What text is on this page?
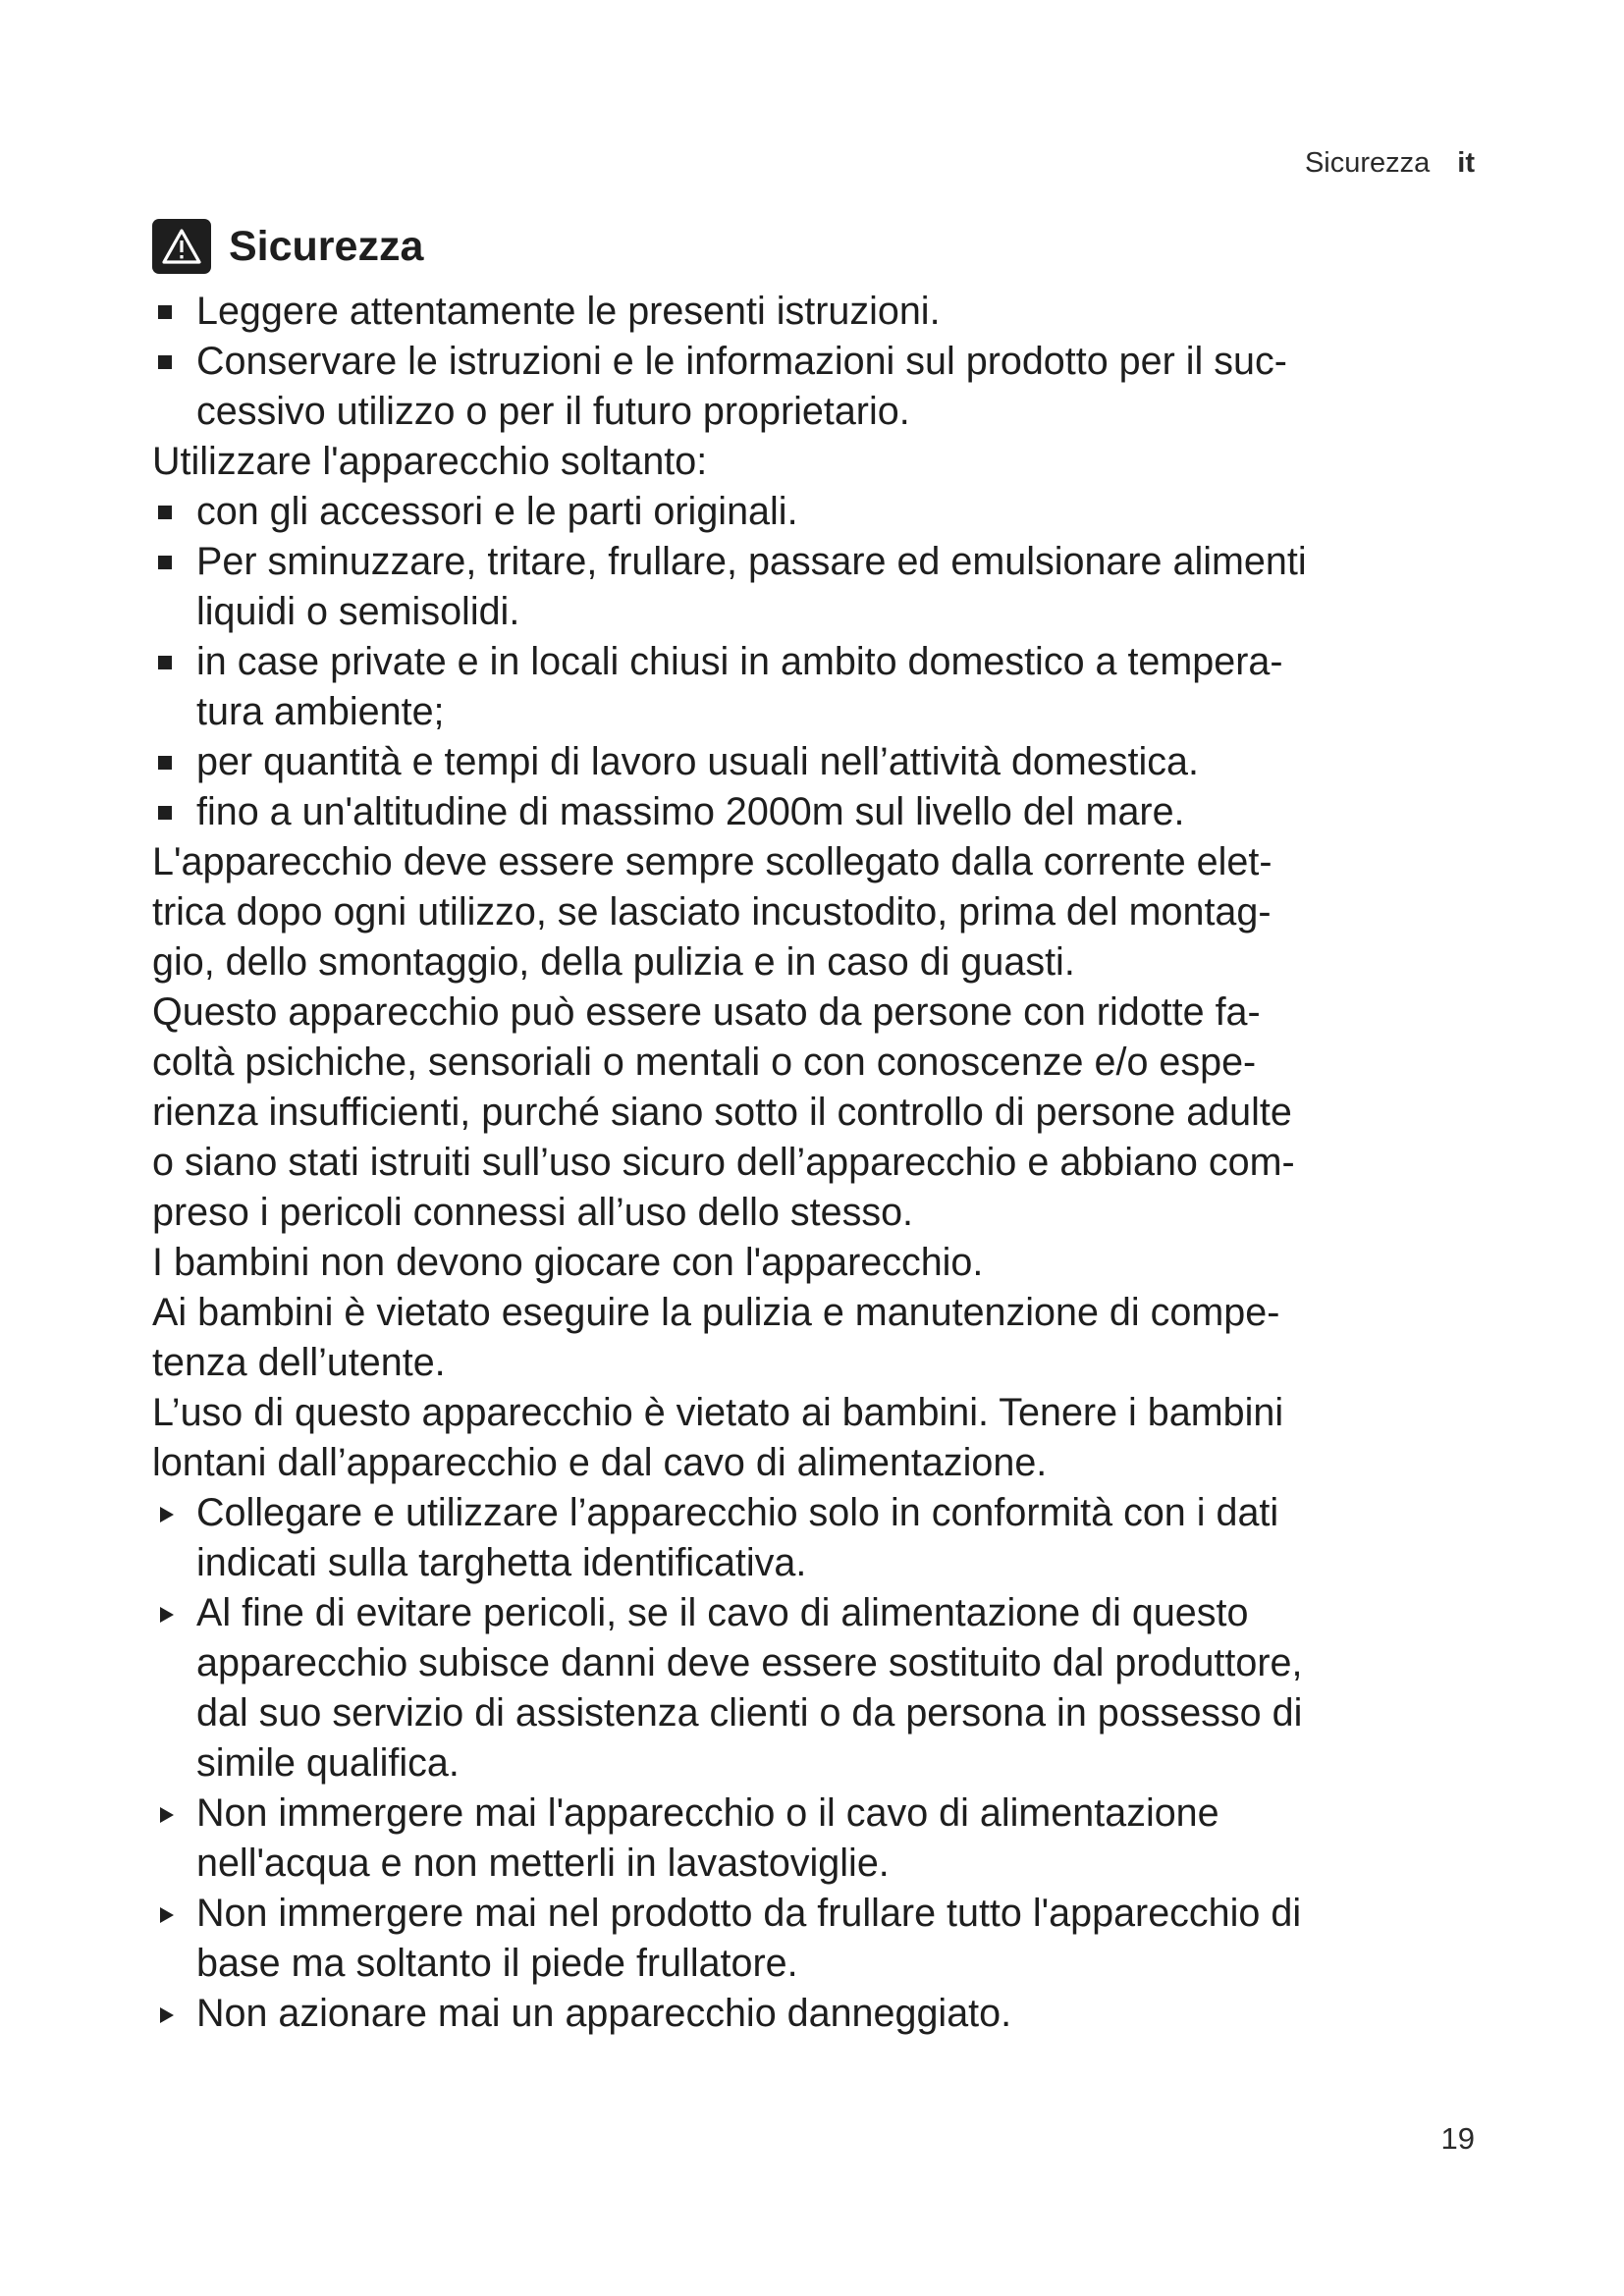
Sicurezza it
Sicurezza
Leggere attentamente le presenti istruzioni.
Conservare le istruzioni e le informazioni sul prodotto per il suc-
cessivo utilizzo o per il futuro proprietario.
Utilizzare l'apparecchio soltanto:
con gli accessori e le parti originali.
Per sminuzzare, tritare, frullare, passare ed emulsionare alimenti
liquidi o semisolidi.
in case private e in locali chiusi in ambito domestico a tempera-
tura ambiente;
per quantità e tempi di lavoro usuali nell’attività domestica.
fino a un'altitudine di massimo 2000m sul livello del mare.
L'apparecchio deve essere sempre scollegato dalla corrente elet-
trica dopo ogni utilizzo, se lasciato incustodito, prima del montag-
gio, dello smontaggio, della pulizia e in caso di guasti.
Questo apparecchio può essere usato da persone con ridotte fa-
coltà psichiche, sensoriali o mentali o con conoscenze e/o espe-
rienza insufficienti, purché siano sotto il controllo di persone adulte
o siano stati istruiti sull’uso sicuro dell’apparecchio e abbiano com-
preso i pericoli connessi all’uso dello stesso.
I bambini non devono giocare con l'apparecchio.
Ai bambini è vietato eseguire la pulizia e manutenzione di compe-
tenza dell’utente.
L’uso di questo apparecchio è vietato ai bambini. Tenere i bambini
lontani dall’apparecchio e dal cavo di alimentazione.
Collegare e utilizzare l’apparecchio solo in conformità con i dati
indicati sulla targhetta identificativa.
Al fine di evitare pericoli, se il cavo di alimentazione di questo
apparecchio subisce danni deve essere sostituito dal produttore,
dal suo servizio di assistenza clienti o da persona in possesso di
simile qualifica.
Non immergere mai l'apparecchio o il cavo di alimentazione
nell'acqua e non metterli in lavastoviglie.
Non immergere mai nel prodotto da frullare tutto l'apparecchio di
base ma soltanto il piede frullatore.
Non azionare mai un apparecchio danneggiato.
19
